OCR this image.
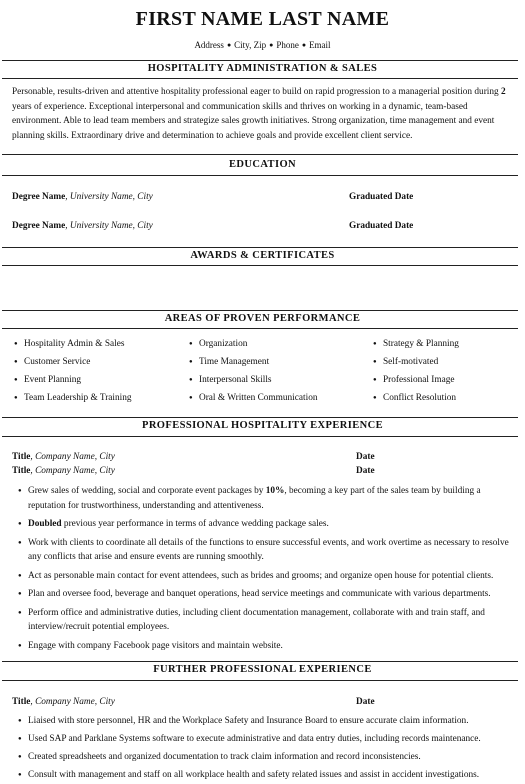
FIRST NAME LAST NAME
Address ● City, Zip ● Phone ● Email
HOSPITALITY ADMINISTRATION & SALES
Personable, results-driven and attentive hospitality professional eager to build on rapid progression to a managerial position during 2 years of experience. Exceptional interpersonal and communication skills and thrives on working in a dynamic, team-based environment. Able to lead team members and strategize sales growth initiatives. Strong organization, time management and event planning skills. Extraordinary drive and determination to achieve goals and provide excellent client service.
EDUCATION
Degree Name, University Name, City	Graduated Date
Degree Name, University Name, City	Graduated Date
AWARDS & CERTIFICATES
AREAS OF PROVEN PERFORMANCE
● Hospitality Admin & Sales
● Customer Service
● Event Planning
● Team Leadership & Training
● Organization
● Time Management
● Interpersonal Skills
● Oral & Written Communication
● Strategy & Planning
● Self-motivated
● Professional Image
● Conflict Resolution
PROFESSIONAL HOSPITALITY EXPERIENCE
Title, Company Name, City	Date
Title, Company Name, City	Date
● Grew sales of wedding, social and corporate event packages by 10%, becoming a key part of the sales team by building a reputation for trustworthiness, understanding and attentiveness.
● Doubled previous year performance in terms of advance wedding package sales.
● Work with clients to coordinate all details of the functions to ensure successful events, and work overtime as necessary to resolve any conflicts that arise and ensure events are running smoothly.
● Act as personable main contact for event attendees, such as brides and grooms; and organize open house for potential clients.
● Plan and oversee food, beverage and banquet operations, head service meetings and communicate with various departments.
● Perform office and administrative duties, including client documentation management, collaborate with and train staff, and interview/recruit potential employees.
● Engage with company Facebook page visitors and maintain website.
FURTHER PROFESSIONAL EXPERIENCE
Title, Company Name, City	Date
● Liaised with store personnel, HR and the Workplace Safety and Insurance Board to ensure accurate claim information.
● Used SAP and Parklane Systems software to execute administrative and data entry duties, including records maintenance.
● Created spreadsheets and organized documentation to track claim information and record inconsistencies.
● Consult with management and staff on all workplace health and safety related issues and assist in accident investigations.
